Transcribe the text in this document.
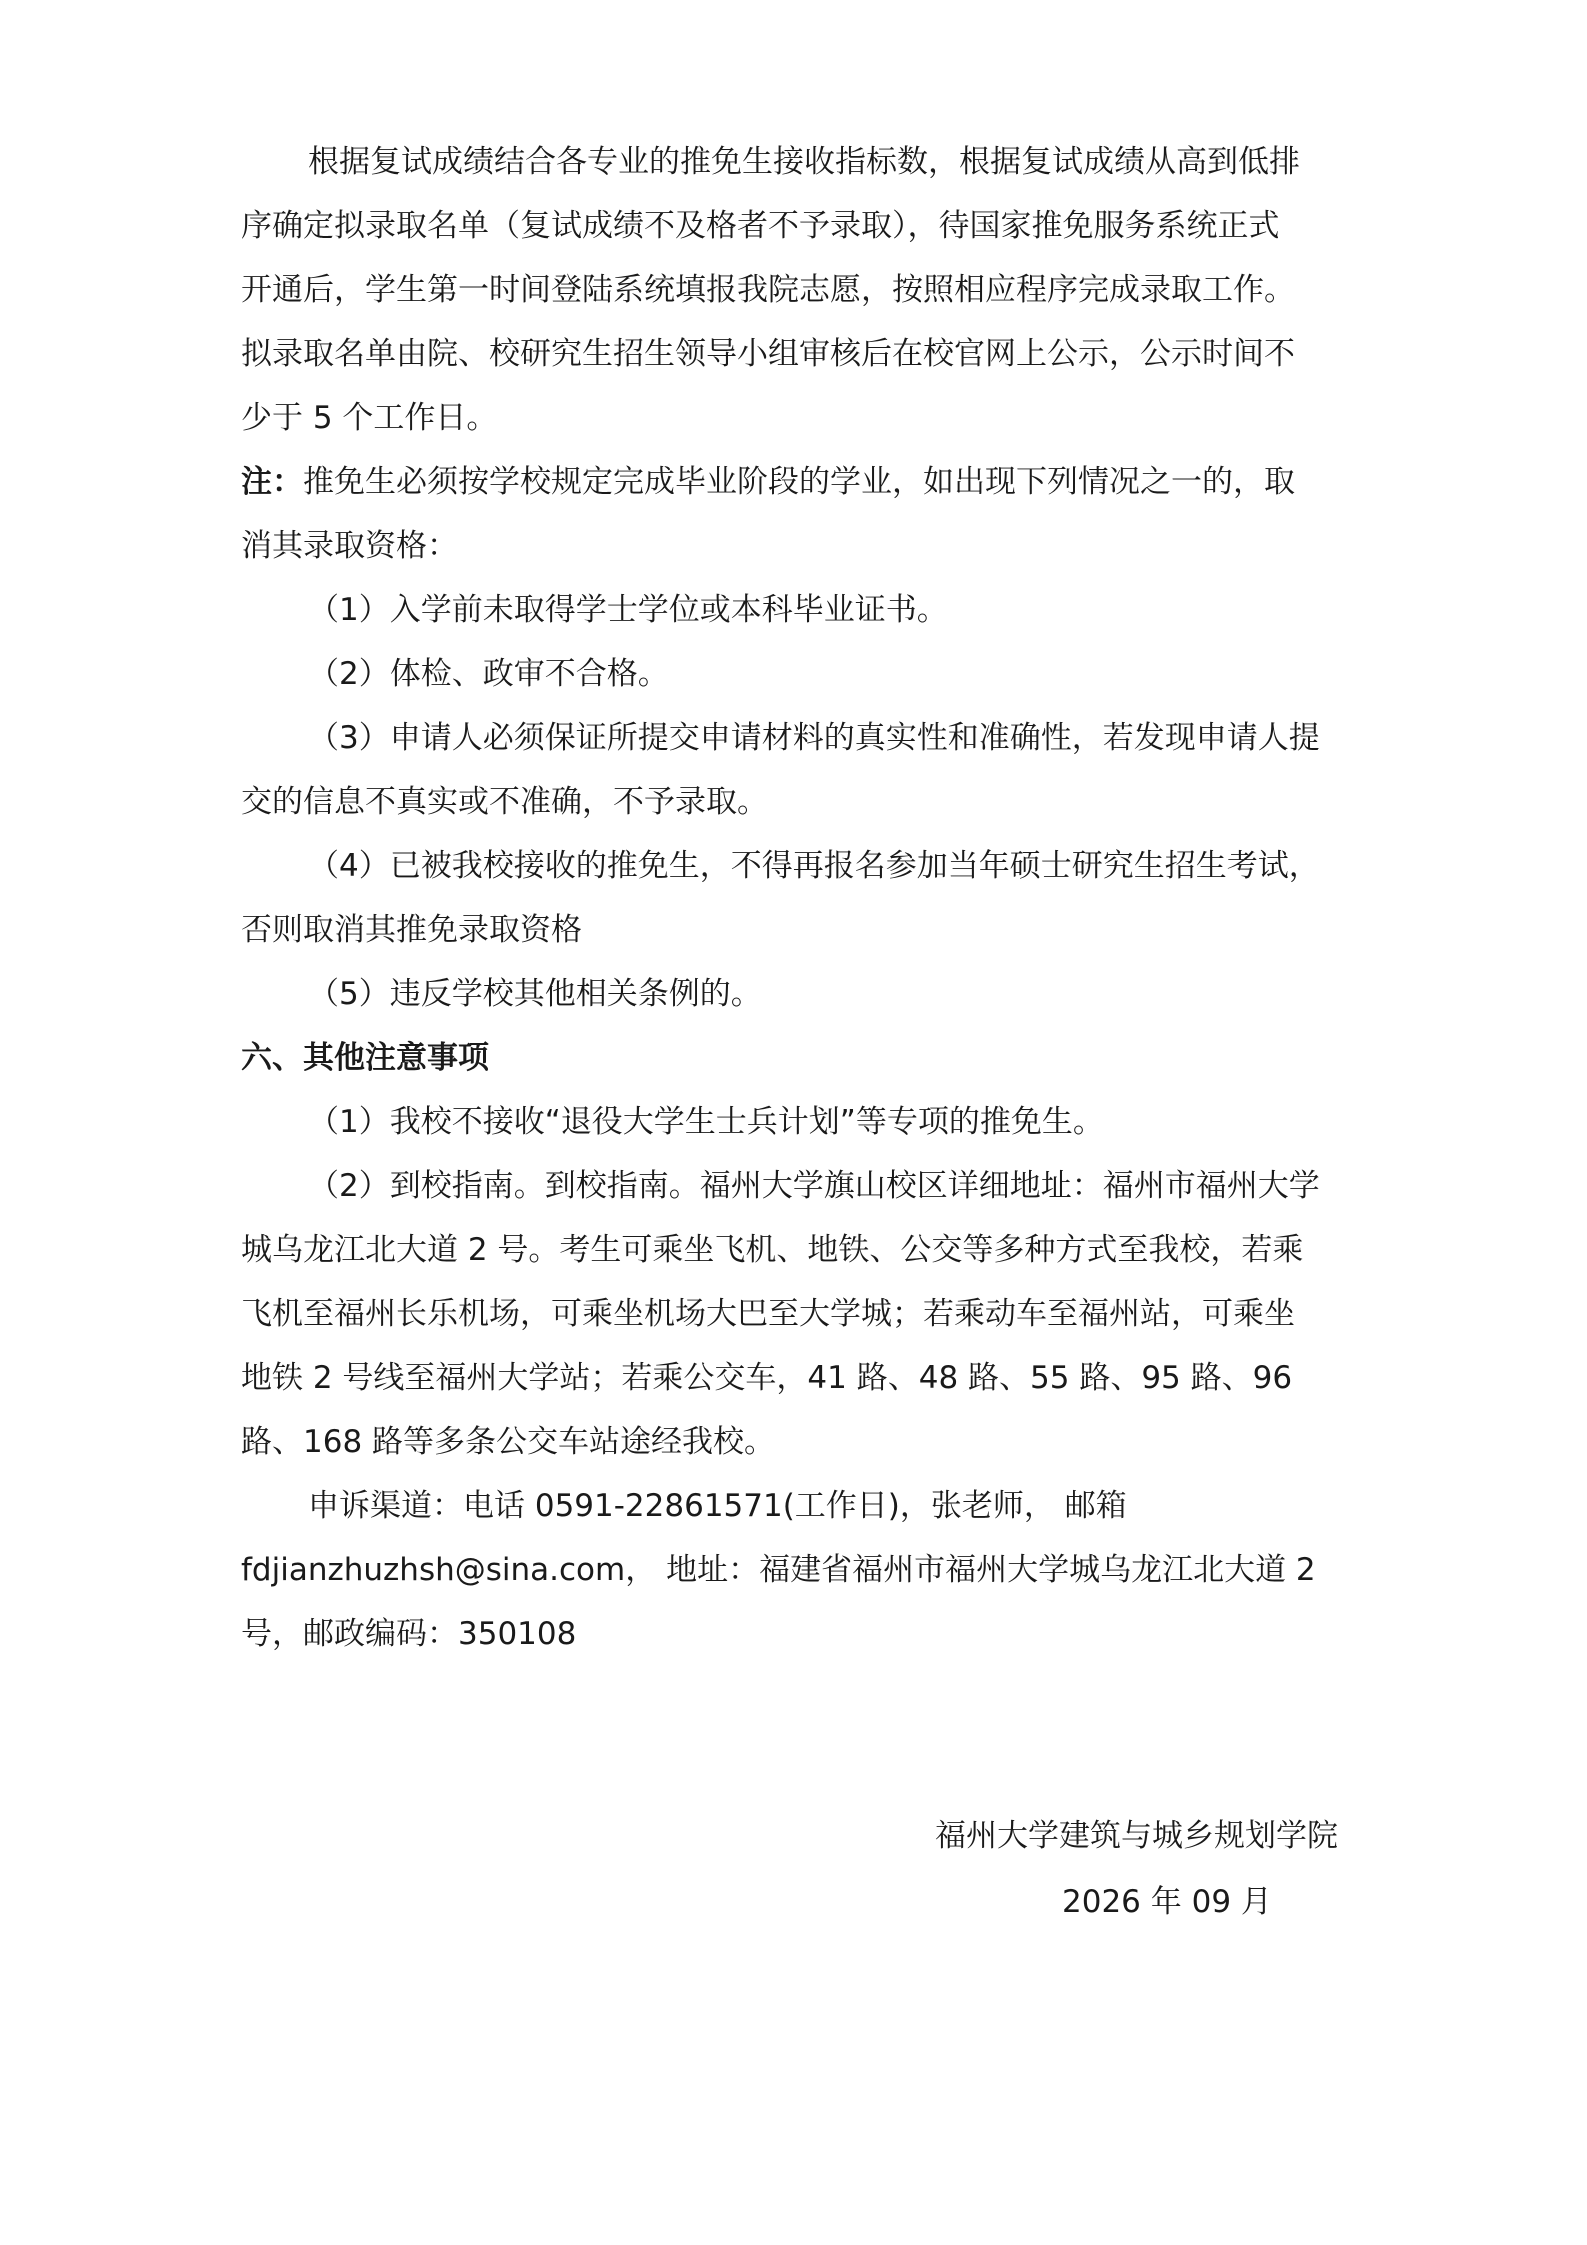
根据复试成绩结合各专业的推免生接收指标数，根据复试成绩从高到低排
序确定拟录取名单（复试成绩不及格者不予录取），待国家推免服务系统正式
开通后，学生第一时间登陆系统填报我院志愿，按照相应程序完成录取工作。
拟录取名单由院、校研究生招生领导小组审核后在校官网上公示，公示时间不
少于 5 个工作日。
注：推免生必须按学校规定完成毕业阶段的学业，如出现下列情况之一的，取
消其录取资格：
（1）入学前未取得学士学位或本科毕业证书。
（2）体检、政审不合格。
（3）申请人必须保证所提交申请材料的真实性和准确性，若发现申请人提
交的信息不真实或不准确，不予录取。
（4）已被我校接收的推免生，不得再报名参加当年硕士研究生招生考试，
否则取消其推免录取资格
（5）违反学校其他相关条例的。
六、其他注意事项
（1）我校不接收“退役大学生士兵计划”等专项的推免生。
（2）到校指南。到校指南。福州大学旗山校区详细地址：福州市福州大学
城乌龙江北大道 2 号。考生可乘坐飞机、地铁、公交等多种方式至我校，若乘
飞机至福州长乐机场，可乘坐机场大巴至大学城；若乘动车至福州站，可乘坐
地铁 2 号线至福州大学站；若乘公交车，41 路、48 路、55 路、95 路、96
路、168 路等多条公交车站途经我校。
申诉渠道：电话 0591-22861571(工作日)，张老师， 邮箱
fdjianzhuzhsh@sina.com， 地址：福建省福州市福州大学城乌龙江北大道 2
号，邮政编码：350108
福州大学建筑与城乡规划学院
2026 年 09 月
